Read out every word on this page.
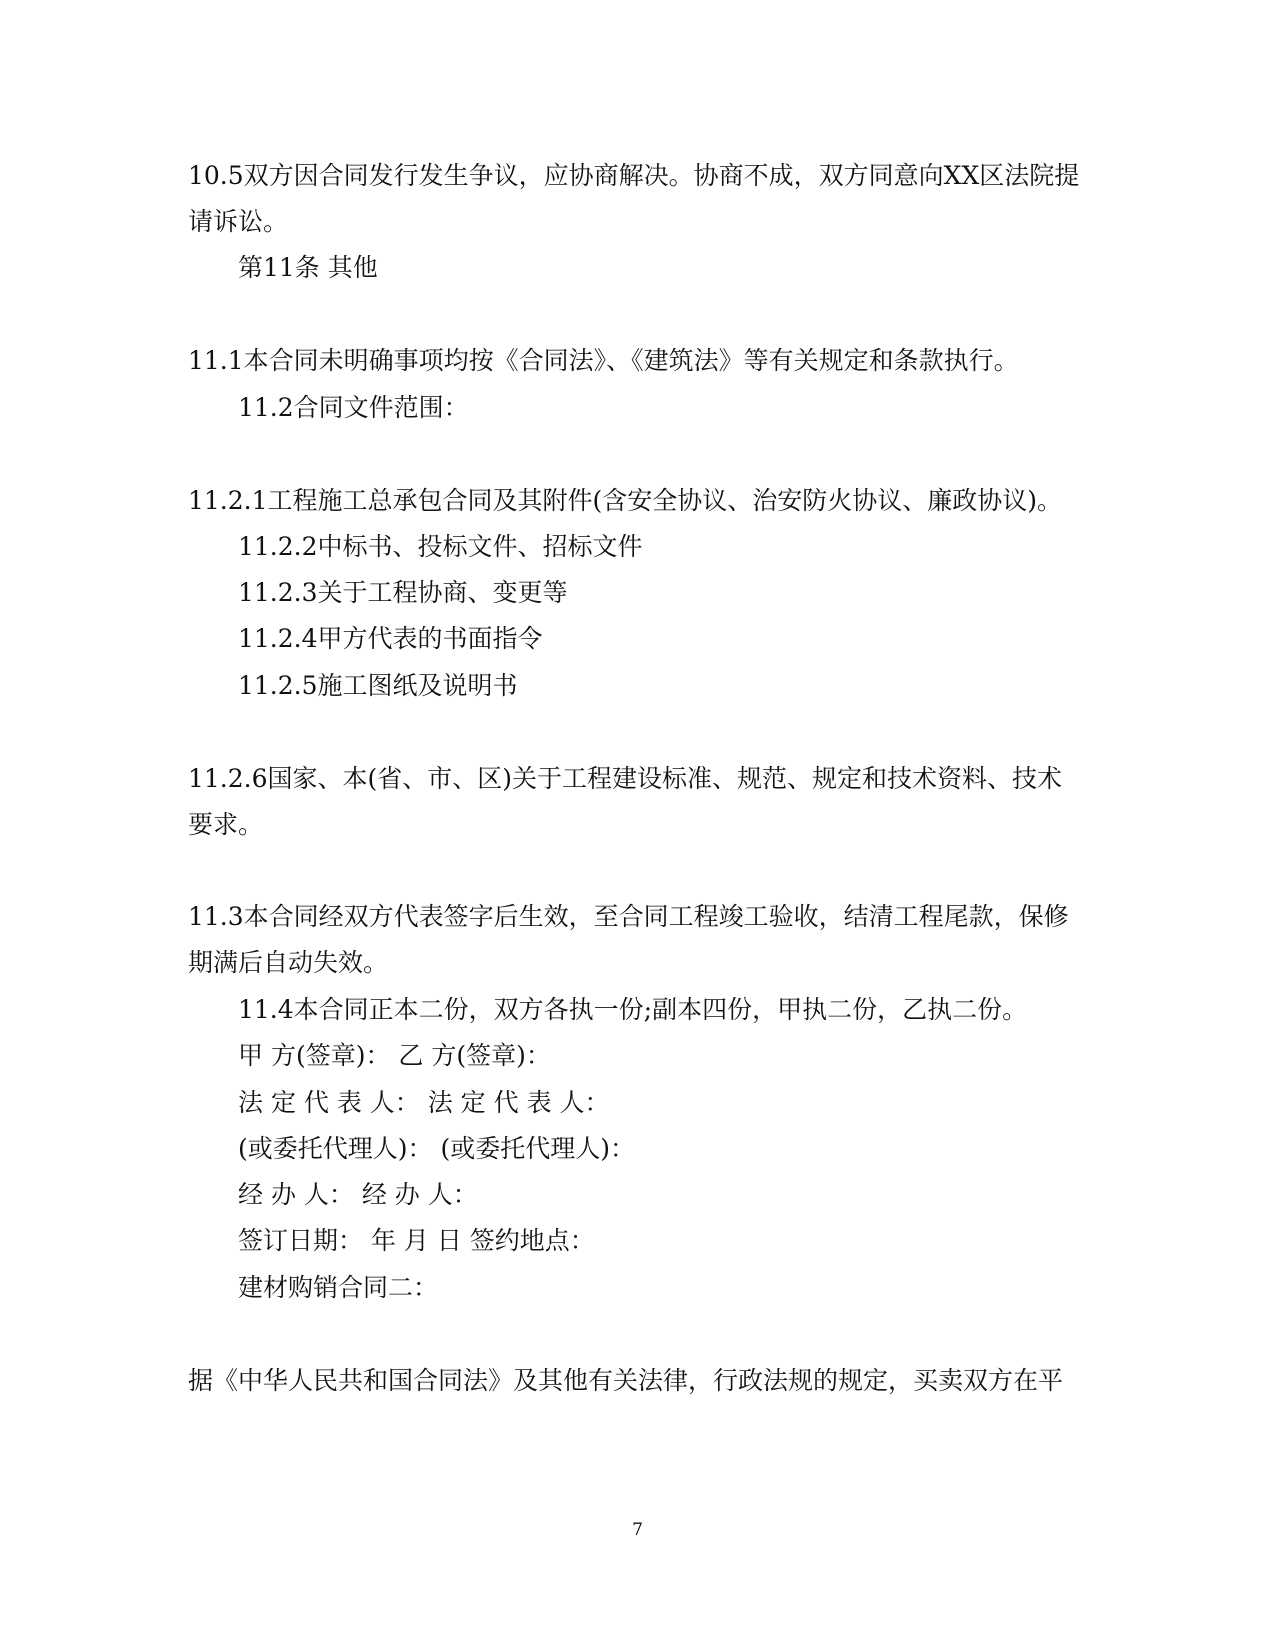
10.5双方因合同发行发生争议，应协商解决。协商不成，双方同意向XX区法院提
请诉讼。
第11条 其他
11.1本合同未明确事项均按《合同法》、《建筑法》等有关规定和条款执行。
11.2合同文件范围：
11.2.1工程施工总承包合同及其附件(含安全协议、治安防火协议、廉政协议)。
11.2.2中标书、投标文件、招标文件
11.2.3关于工程协商、变更等
11.2.4甲方代表的书面指令
11.2.5施工图纸及说明书
11.2.6国家、本(省、市、区)关于工程建设标准、规范、规定和技术资料、技术
要求。
11.3本合同经双方代表签字后生效，至合同工程竣工验收，结清工程尾款，保修
期满后自动失效。
11.4本合同正本二份，双方各执一份;副本四份，甲执二份，乙执二份。
甲 方(签章)： 乙 方(签章)：
法 定 代 表 人： 法 定 代 表 人：
(或委托代理人)： (或委托代理人)：
经 办 人： 经 办 人：
签订日期： 年 月 日 签约地点：
建材购销合同二：
据《中华人民共和国合同法》及其他有关法律，行政法规的规定，买卖双方在平
7
